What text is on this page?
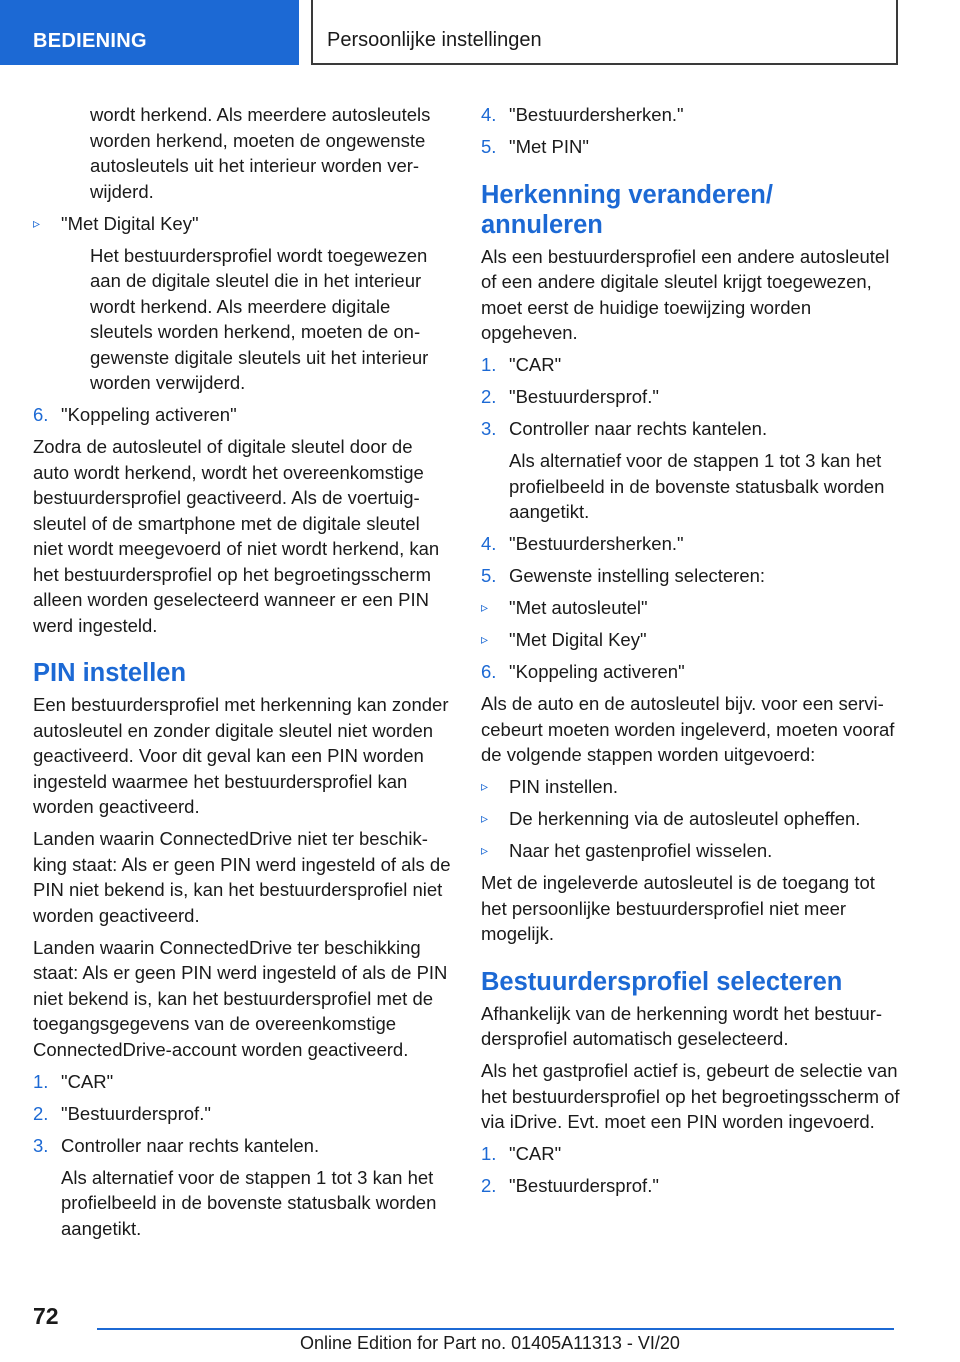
BEDIENING	Persoonlijke instellingen

wordt herkend. Als meerdere autosleutels worden herkend, moeten de ongewenste autosleutels uit het interieur worden verwijderd.

▹ "Met Digital Key"

Het bestuurdersprofiel wordt toegewezen aan de digitale sleutel die in het interieur wordt herkend. Als meerdere digitale sleutels worden herkend, moeten de ongewenste digitale sleutels uit het interieur worden verwijderd.

6. "Koppeling activeren"

Zodra de autosleutel of digitale sleutel door de auto wordt herkend, wordt het overeenkomstige bestuurdersprofiel geactiveerd. Als de voertuigsleutel of de smartphone met de digitale sleutel niet wordt meegevoerd of niet wordt herkend, kan het bestuurdersprofiel op het begroetingsscherm alleen worden geselecteerd wanneer er een PIN werd ingesteld.

PIN instellen

Een bestuurdersprofiel met herkenning kan zonder autosleutel en zonder digitale sleutel niet worden geactiveerd. Voor dit geval kan een PIN worden ingesteld waarmee het bestuurdersprofiel kan worden geactiveerd.

Landen waarin ConnectedDrive niet ter beschikking staat: Als er geen PIN werd ingesteld of als de PIN niet bekend is, kan het bestuurdersprofiel niet worden geactiveerd.

Landen waarin ConnectedDrive ter beschikking staat: Als er geen PIN werd ingesteld of als de PIN niet bekend is, kan het bestuurdersprofiel met de toegangsgegevens van de overeenkomstige ConnectedDrive-account worden geactiveerd.

1. "CAR"
2. "Bestuurdersprof."
3. Controller naar rechts kantelen.

Als alternatief voor de stappen 1 tot 3 kan het profielbeeld in de bovenste statusbalk worden aangetikt.

4. "Bestuurdersherken."
5. "Met PIN"
Herkenning veranderen/ annuleren

Als een bestuurdersprofiel een andere autosleutel of een andere digitale sleutel krijgt toegewezen, moet eerst de huidige toewijzing worden opgeheven.

1. "CAR"
2. "Bestuurdersprof."
3. Controller naar rechts kantelen.

Als alternatief voor de stappen 1 tot 3 kan het profielbeeld in de bovenste statusbalk worden aangetikt.

4. "Bestuurdersherken."
5. Gewenste instelling selecteren:
▹ "Met autosleutel"
▹ "Met Digital Key"
6. "Koppeling activeren"

Als de auto en de autosleutel bijv. voor een servicebeurt moeten worden ingeleverd, moeten vooraf de volgende stappen worden uitgevoerd:

▹ PIN instellen.
▹ De herkenning via de autosleutel opheffen.
▹ Naar het gastenprofiel wisselen.

Met de ingeleverde autosleutel is de toegang tot het persoonlijke bestuurdersprofiel niet meer mogelijk.

Bestuurdersprofiel selecteren

Afhankelijk van de herkenning wordt het bestuurdersprofiel automatisch geselecteerd.

Als het gastprofiel actief is, gebeurt de selectie van het bestuurdersprofiel op het begroetingsscherm of via iDrive. Evt. moet een PIN worden ingevoerd.

1. "CAR"
2. "Bestuurdersprof."
72
Online Edition for Part no. 01405A11313 - VI/20
